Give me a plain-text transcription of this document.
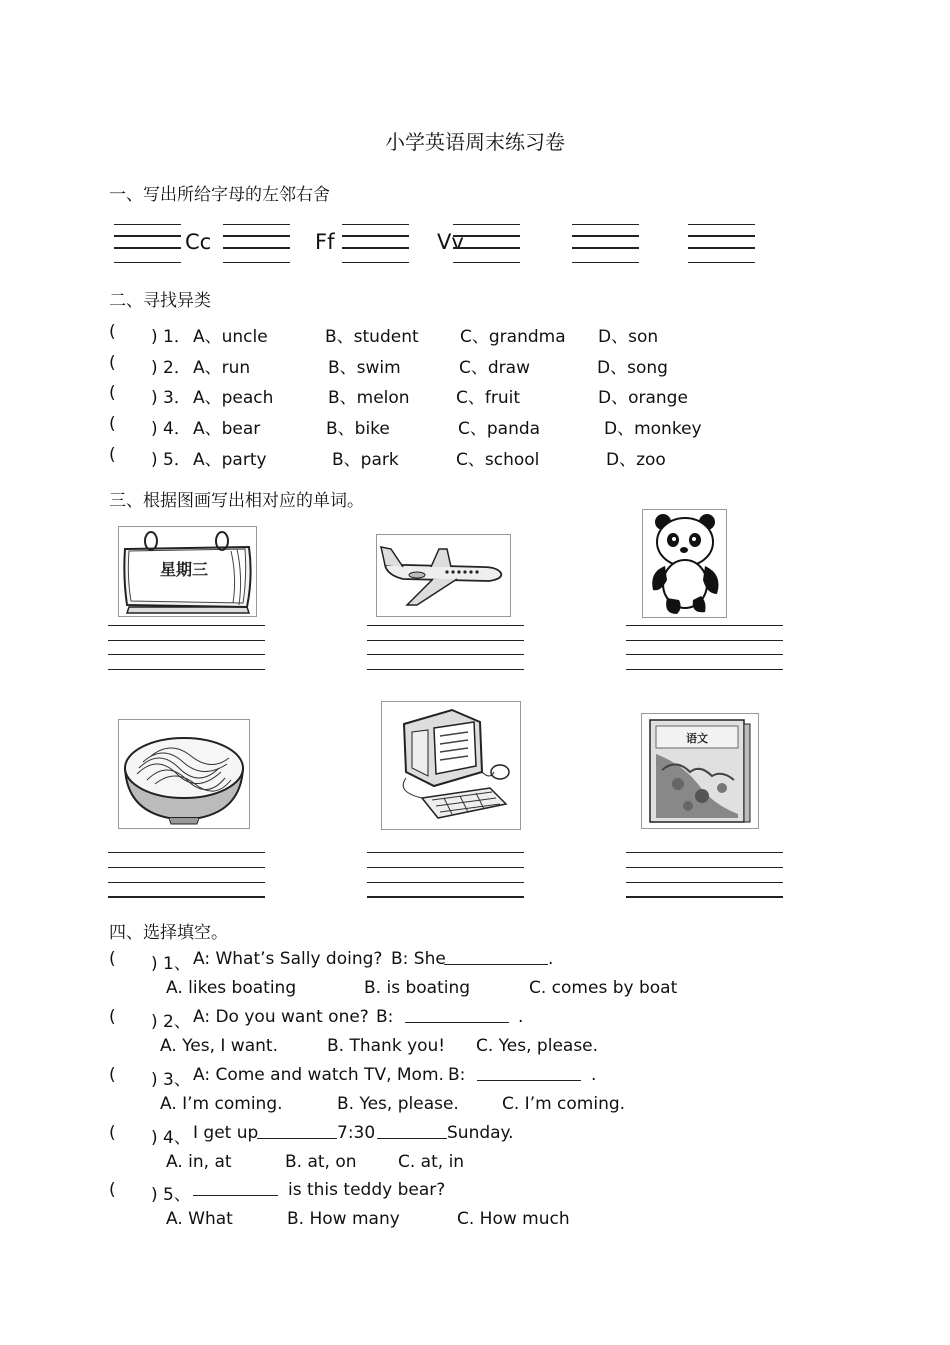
小学英语周末练习卷
一、写出所给字母的左邻右舍
Cc	Ff	Vv
二、寻找异类
( ) 1． A、uncle	B、student C、grandma D、son
( ) 2． A、run	B、swim	C、draw	D、song
( ) 3． A、peach	B、melon	C、fruit	D、orange
( ) 4． A、bear	B、bike	C、panda	D、monkey
( ) 5． A、party	B、park	C、school	D、zoo
三、根据图画写出相对应的单词。
星期三
语文
四、选择填空。
( ) 1、 A: What’s Sally doing? B: She	.
A. likes boating	B. is boating	C. comes by boat
( ) 2、 A: Do you want one? B:	.
A. Yes, I want.	B. Thank you! C. Yes, please.
( ) 3、 A: Come and watch TV, Mom. B:	.
A. I’m coming.	B. Yes, please.	C. I’m coming.
( ) 4、 I get up	7:30	Sunday.
A. in, at	B. at, on C. at, in
( ) 5、	is this teddy bear?
A. What	B. How many	C. How much
